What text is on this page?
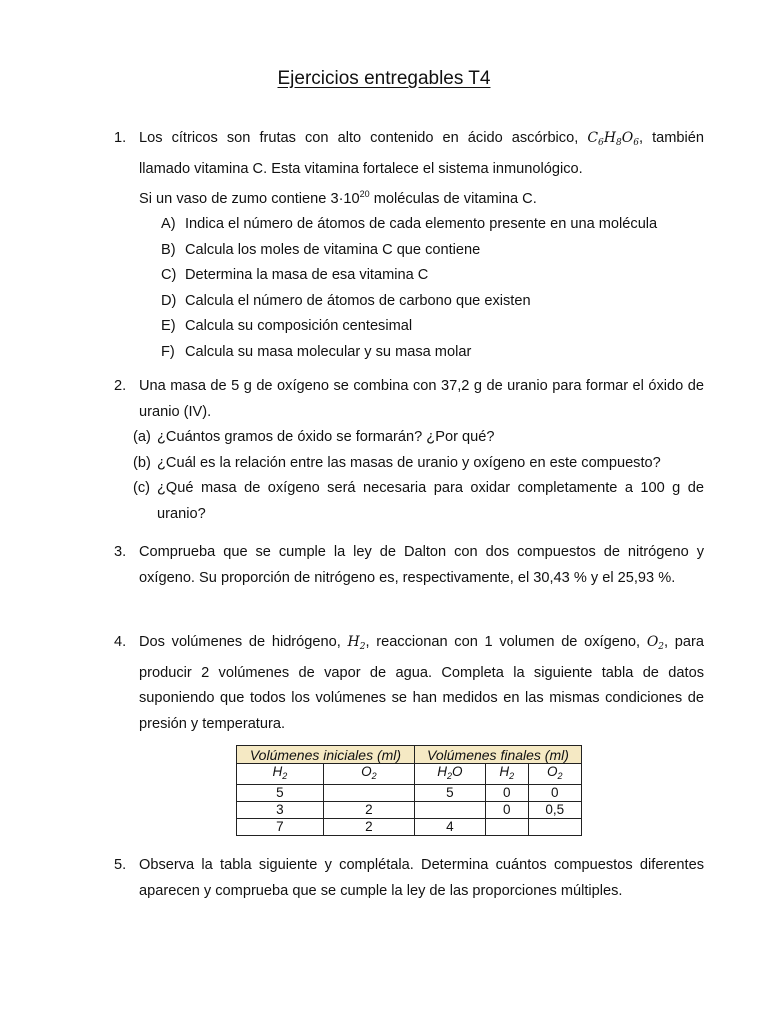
Ejercicios entregables T4
1. Los cítricos son frutas con alto contenido en ácido ascórbico, $C_6H_8O_6$, también llamado vitamina C. Esta vitamina fortalece el sistema inmunológico.

Si un vaso de zumo contiene $3\cdot 10^{20}$ moléculas de vitamina C.

A) Indica el número de átomos de cada elemento presente en una molécula
B) Calcula los moles de vitamina C que contiene
C) Determina la masa de esa vitamina C
D) Calcula el número de átomos de carbono que existen
E) Calcula su composición centesimal
F) Calcula su masa molecular y su masa molar
2. Una masa de 5 g de oxígeno se combina con 37,2 g de uranio para formar el óxido de uranio (IV).

(a) ¿Cuántos gramos de óxido se formarán? ¿Por qué?
(b) ¿Cuál es la relación entre las masas de uranio y oxígeno en este compuesto?
(c) ¿Qué masa de oxígeno será necesaria para oxidar completamente a 100 g de uranio?
3. Comprueba que se cumple la ley de Dalton con dos compuestos de nitrógeno y oxígeno. Su proporción de nitrógeno es, respectivamente, el 30,43 % y el 25,93 %.

4. Dos volúmenes de hidrógeno, $H_2$, reaccionan con 1 volumen de oxígeno, $O_2$, para producir 2 volúmenes de vapor de agua. Completa la siguiente tabla de datos suponiendo que todos los volúmenes se han medidos en las mismas condiciones de presión y temperatura.

Volúmenes iniciales (ml)		Volúmenes finales (ml)		
$H_2$	$O_2$	$H_2O$	$H_2$	$O_2$
5		5	0	0
3	2		0	0,5
7	2	4		
5. Observa la tabla siguiente y complétala. Determina cuántos compuestos diferentes aparecen y comprueba que se cumple la ley de las proporciones múltiples.
